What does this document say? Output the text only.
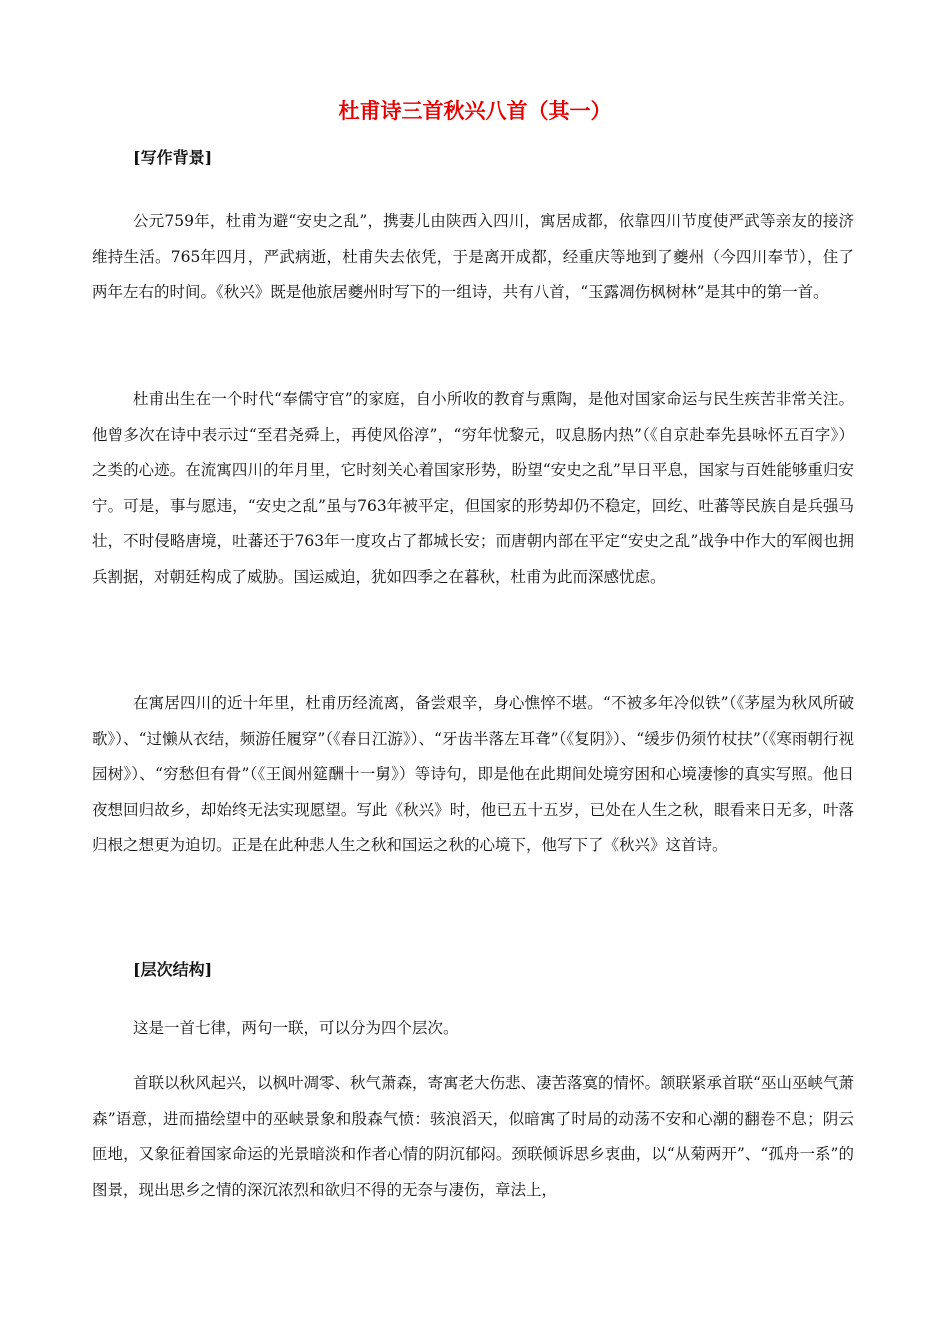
杜甫诗三首秋兴八首（其一）
[写作背景]

公元759年，杜甫为避“安史之乱”，携妻儿由陕西入四川，寓居成都，依靠四川节度使严武等亲友的接济维持生活。765年四月，严武病逝，杜甫失去依凭，于是离开成都，经重庆等地到了夔州（今四川奉节），住了两年左右的时间。《秋兴》既是他旅居夔州时写下的一组诗，共有八首，“玉露凋伤枫树林”是其中的第一首。

杜甫出生在一个时代“奉儒守官”的家庭，自小所收的教育与熏陶，是他对国家命运与民生疾苦非常关注。他曾多次在诗中表示过“至君尧舜上，再使风俗淳”，“穷年忧黎元，叹息肠内热”（《自京赴奉先县咏怀五百字》）之类的心迹。在流寓四川的年月里，它时刻关心着国家形势，盼望“安史之乱”早日平息，国家与百姓能够重归安宁。可是，事与愿违，“安史之乱”虽与763年被平定，但国家的形势却仍不稳定，回纥、吐蕃等民族自是兵强马壮，不时侵略唐境，吐蕃还于763年一度攻占了都城长安；而唐朝内部在平定“安史之乱”战争中作大的军阀也拥兵割据，对朝廷构成了威胁。国运威迫，犹如四季之在暮秋，杜甫为此而深感忧虑。

在寓居四川的近十年里，杜甫历经流离，备尝艰辛，身心憔悴不堪。“不被多年冷似铁”（《茅屋为秋风所破歌》）、“过懒从衣结，频游任履穿”（《春日江游》）、“牙齿半落左耳聋”（《复阴》）、“缓步仍须竹杖扶”（《寒雨朝行视园树》）、“穷愁但有骨”（《王阆州筵酬十一舅》）等诗句，即是他在此期间处境穷困和心境凄惨的真实写照。他日夜想回归故乡，却始终无法实现愿望。写此《秋兴》时，他已五十五岁，已处在人生之秋，眼看来日无多，叶落归根之想更为迫切。正是在此种悲人生之秋和国运之秋的心境下，他写下了《秋兴》这首诗。

[层次结构]

这是一首七律，两句一联，可以分为四个层次。

首联以秋风起兴，以枫叶凋零、秋气萧森，寄寓老大伤悲、凄苦落寞的情怀。颔联紧承首联“巫山巫峡气萧森”语意，进而描绘望中的巫峡景象和殷森气愤：骇浪滔天，似暗寓了时局的动荡不安和心潮的翻卷不息；阴云匝地，又象征着国家命运的光景暗淡和作者心情的阴沉郁闷。颈联倾诉思乡衷曲，以“从菊两开”、“孤舟一系”的图景，现出思乡之情的深沉浓烈和欲归不得的无奈与凄伤，章法上，
